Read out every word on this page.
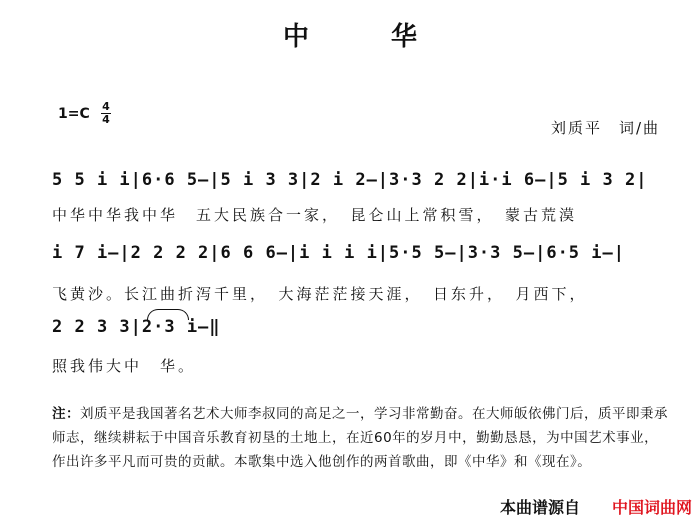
中　华
1=C 4
4	刘质平　词/曲
5 5 i i|6·6 5—|5 i 3 3|2 i 2—|3·3 2 2|i·i 6—|5 i 3 2|
中华中华我中华　五大民族合一家，　昆仑山上常积雪，　蒙古荒漠
i 7 i—|2 2 2 2|6 6 6—|i i i i|5·5 5—|3·3 5—|6·5 i—|
飞黄沙。长江曲折泻千里，　大海茫茫接天涯，　日东升，　月西下，
2 2 3 3|2·3 i—‖
照我伟大中　华。
注：刘质平是我国著名艺术大师李叔同的高足之一，学习非常勤奋。在大师皈依佛门后，质平即秉承师志，继续耕耘于中国音乐教育初垦的土地上，在近60年的岁月中，勤勤恳恳，为中国艺术事业，作出许多平凡而可贵的贡献。本歌集中选入他创作的两首歌曲，即《中华》和《现在》。
本曲谱源自 中国词曲网
